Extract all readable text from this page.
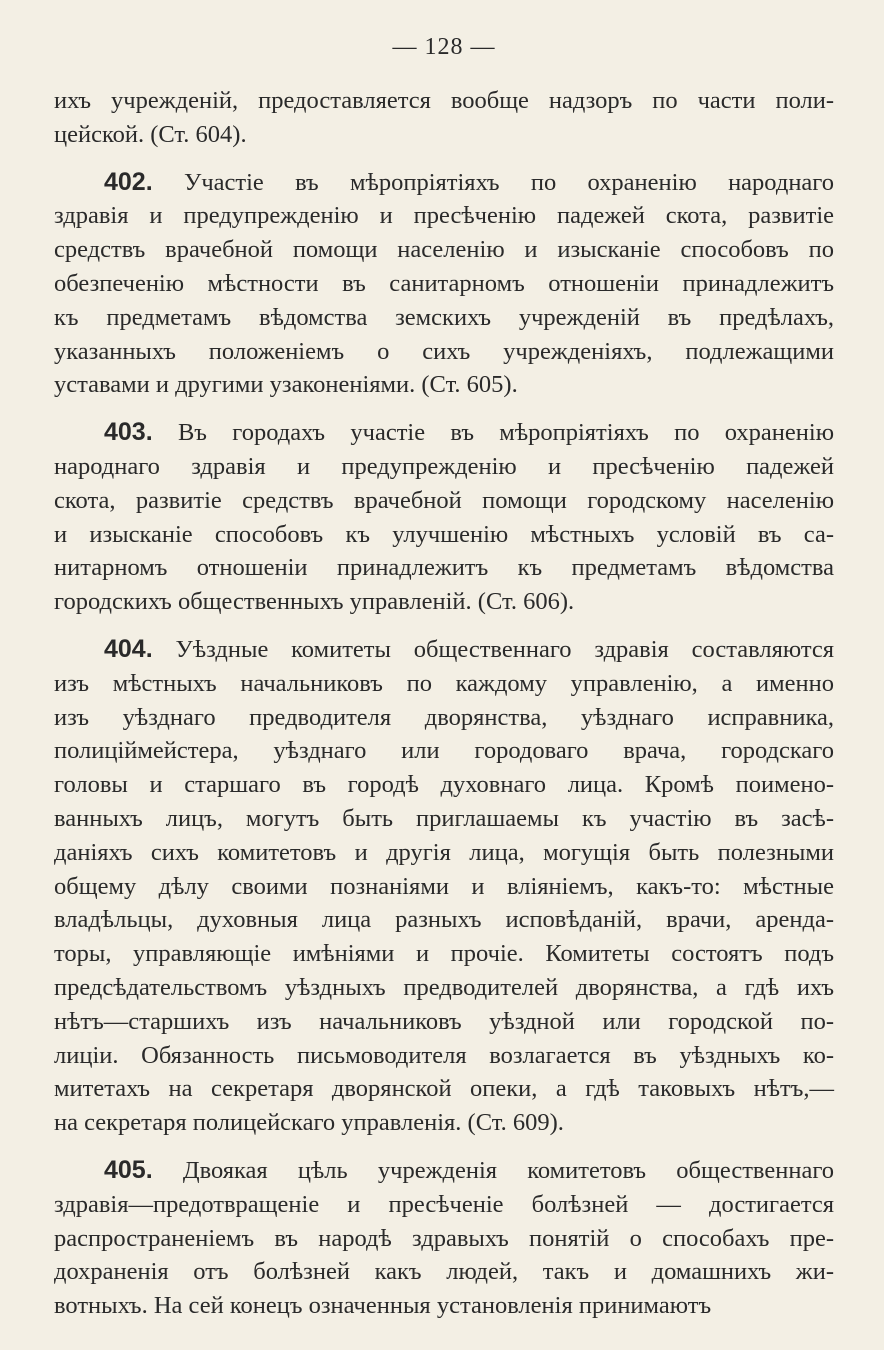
— 128 —
ихъ учрежденій, предоставляется вообще надзоръ по части поли-
цейской. (Ст. 604).
402. Участіе въ мѣропріятіяхъ по охраненію народнаго
здравія и предупрежденію и пресѣченію падежей скота, развитіе
средствъ врачебной помощи населенію и изысканіе способовъ по
обезпеченію мѣстности въ санитарномъ отношеніи принадлежитъ
къ предметамъ вѣдомства земскихъ учрежденій въ предѣлахъ,
указанныхъ положеніемъ о сихъ учрежденіяхъ, подлежащими
уставами и другими узаконеніями. (Ст. 605).
403. Въ городахъ участіе въ мѣропріятіяхъ по охраненію
народнаго здравія и предупрежденію и пресѣченію падежей
скота, развитіе средствъ врачебной помощи городскому населенію
и изысканіе способовъ къ улучшенію мѣстныхъ условій въ са-
нитарномъ отношеніи принадлежитъ къ предметамъ вѣдомства
городскихъ общественныхъ управленій. (Ст. 606).
404. Уѣздные комитеты общественнаго здравія составляются
изъ мѣстныхъ начальниковъ по каждому управленію, а именно
изъ уѣзднаго предводителя дворянства, уѣзднаго исправника,
полиціймейстера, уѣзднаго или городоваго врача, городскаго
головы и старшаго въ городѣ духовнаго лица. Кромѣ поимено-
ванныхъ лицъ, могутъ быть приглашаемы къ участію въ засѣ-
даніяхъ сихъ комитетовъ и другія лица, могущія быть полезными
общему дѣлу своими познаніями и вліяніемъ, какъ-то: мѣстные
владѣльцы, духовныя лица разныхъ исповѣданій, врачи, аренда-
торы, управляющіе имѣніями и прочіе. Комитеты состоятъ подъ
предсѣдательствомъ уѣздныхъ предводителей дворянства, а гдѣ ихъ
нѣтъ—старшихъ изъ начальниковъ уѣздной или городской по-
лиціи. Обязанность письмоводителя возлагается въ уѣздныхъ ко-
митетахъ на секретаря дворянской опеки, а гдѣ таковыхъ нѣтъ,—
на секретаря полицейскаго управленія. (Ст. 609).
405. Двоякая цѣль учрежденія комитетовъ общественнаго
здравія—предотвращеніе и пресѣченіе болѣзней — достигается
распространеніемъ въ народѣ здравыхъ понятій о способахъ пре-
дохраненія отъ болѣзней какъ людей, такъ и домашнихъ жи-
вотныхъ. На сей конецъ означенныя установленія принимаютъ
